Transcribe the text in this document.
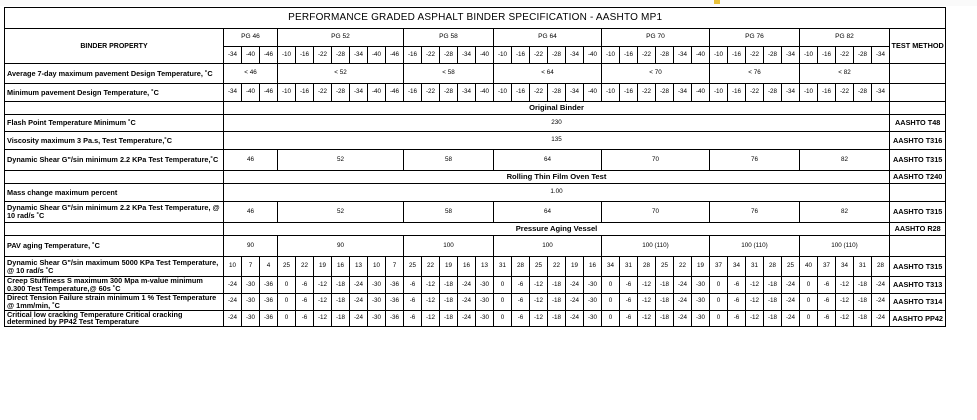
PERFORMANCE GRADED ASPHALT BINDER SPECIFICATION - AASHTO MP1																																						
BINDER PROPERTY	PG 46			PG 52							PG 58					PG 64						PG 70						PG 76					PG 82					TEST METHOD
	-34	-40	-46	-10	-16	-22	-28	-34	-40	-46	-16	-22	-28	-34	-40	-10	-16	-22	-28	-34	-40	-10	-16	-22	-28	-34	-40	-10	-16	-22	-28	-34	-10	-16	-22	-28	-34	
Average 7-day maximum pavement Design Temperature, ˚C	< 46			< 52							< 58					< 64						< 70						< 76					< 82					
Minimum pavement Design Temperature, ˚C	-34	-40	-46	-10	-16	-22	-28	-34	-40	-46	-16	-22	-28	-34	-40	-10	-16	-22	-28	-34	-40	-10	-16	-22	-28	-34	-40	-10	-16	-22	-28	-34	-10	-16	-22	-28	-34	
	Original Binder																																					
Flash Point Temperature Minimum ˚C	230																																					AASHTO T48
Viscosity maximum 3 Pa.s, Test Temperature,˚C	135																																					AASHTO T316
Dynamic Shear G"/sin minimum 2.2 KPa Test Temperature,˚C	46			52							58					64						70						76					82					AASHTO T315
	Rolling Thin Film Oven Test																																					AASHTO T240
Mass change maximum percent	1.00																																					
Dynamic Shear G"/sin minimum 2.2 KPa Test Temperature, @ 10 rad/s ˚C	46			52							58					64						70						76					82					AASHTO T315
	Pressure Aging Vessel																																					AASHTO R28
PAV aging Temperature, ˚C	90			90							100					100						100 (110)						100 (110)					100 (110)					
Dynamic Shear G"/sin maximum 5000 KPa Test Temperature, @ 10 rad/s ˚C	10	7	4	25	22	19	16	13	10	7	25	22	19	16	13	31	28	25	22	19	16	34	31	28	25	22	19	37	34	31	28	25	40	37	34	31	28	AASHTO T315
Creep Stuffiness S maximum 300 Mpa m-value minimum 0.300 Test Temperature,@ 60s ˚C	-24	-30	-36	0	-6	-12	-18	-24	-30	-36	-6	-12	-18	-24	-30	0	-6	-12	-18	-24	-30	0	-6	-12	-18	-24	-30	0	-6	-12	-18	-24	0	-6	-12	-18	-24	AASHTO T313
Direct Tension Failure strain minimum 1 % Test Temperature @ 1mm/min, ˚C	-24	-30	-36	0	-6	-12	-18	-24	-30	-36	-6	-12	-18	-24	-30	0	-6	-12	-18	-24	-30	0	-6	-12	-18	-24	-30	0	-6	-12	-18	-24	0	-6	-12	-18	-24	AASHTO T314
Critical low cracking Temperature Critical cracking determined by PP42 Test Temperature	-24	-30	-36	0	-6	-12	-18	-24	-30	-36	-6	-12	-18	-24	-30	0	-6	-12	-18	-24	-30	0	-6	-12	-18	-24	-30	0	-6	-12	-18	-24	0	-6	-12	-18	-24	AASHTO PP42
